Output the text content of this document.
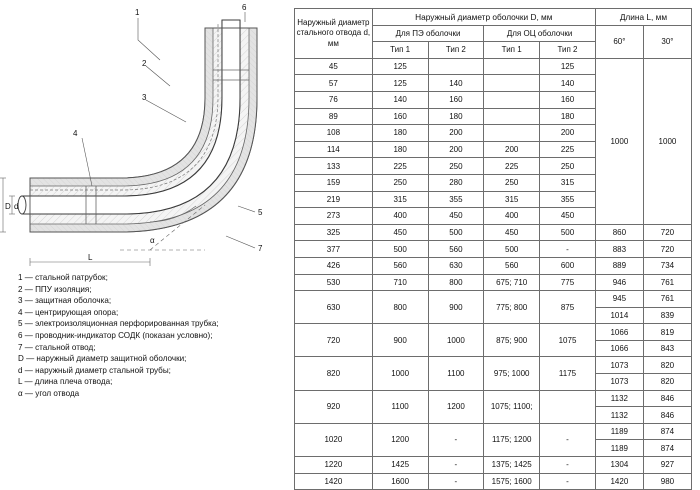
1
6
2
3
4
5
7
d
D
L
α
1 — стальной патрубок;
2 — ППУ изоляция;
3 — защитная оболочка;
4 — центрирующая опора;
5 — электроизоляционная перфорированная трубка;
6 — проводник-индикатор СОДК (показан условно);
7 — стальной отвод;
D — наружный диаметр защитной оболочки;
d — наружный диаметр стальной трубы;
L — длина плеча отвода;
α — угол отвода
Наружный диаметр стального отвода d, мм	Наружный диаметр оболочки D, мм				Длина L, мм	
	Для ПЭ оболочки		Для ОЦ оболочки		60°	30°
	Тип 1	Тип 2	Тип 1	Тип 2		
45	125			125	1000	1000
57	125	140		140		
76	140	160		160		
89	160	180		180		
108	180	200		200		
114	180	200	200	225		
133	225	250	225	250		
159	250	280	250	315		
219	315	355	315	355		
273	400	450	400	450		
325	450	500	450	500	860	720
377	500	560	500	-	883	720
426	560	630	560	600	889	734
530	710	800	675; 710	775	946	761
630	800	900	775; 800	875	945	761
					1014	839
720	900	1000	875; 900	1075	1066	819
					1066	843
820	1000	1100	975; 1000	1175	1073	820
					1073	820
920	1100	1200	1075; 1100;		1132	846
					1132	846
1020	1200	-	1175; 1200	-	1189	874
					1189	874
1220	1425	-	1375; 1425	-	1304	927
1420	1600	-	1575; 1600	-	1420	980
